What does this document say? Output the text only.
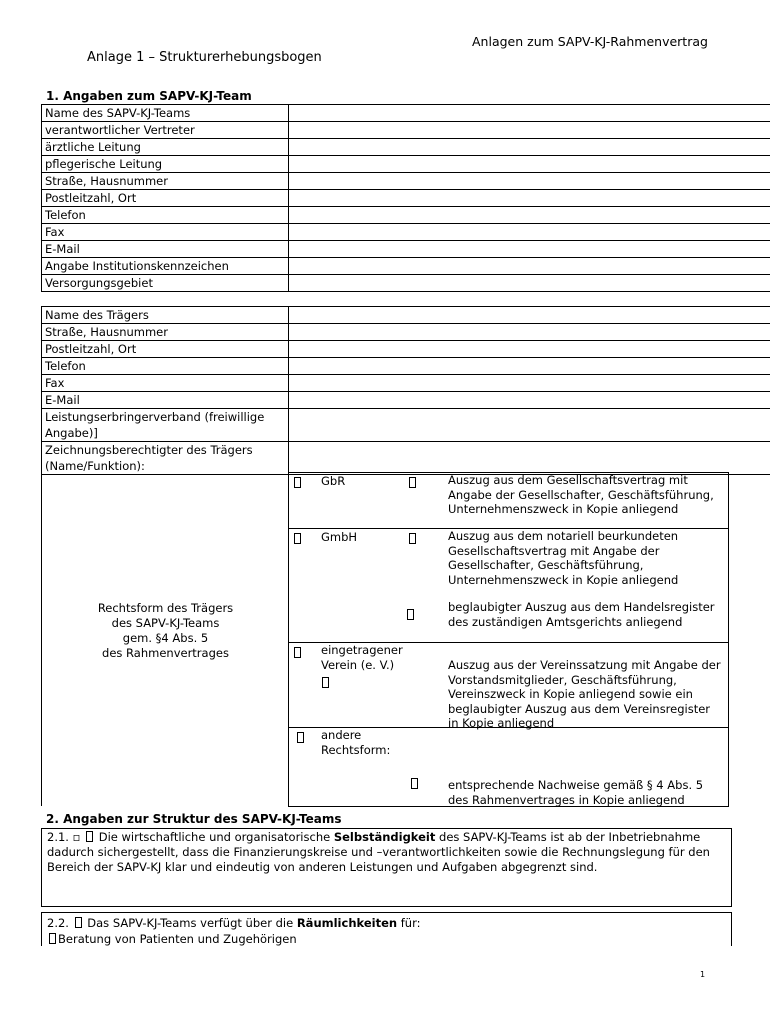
Anlagen zum SAPV-KJ-Rahmenvertrag
Anlage 1 – Strukturerhebungsbogen
1. Angaben zum SAPV-KJ-Team
Name des SAPV-KJ-Teams	
verantwortlicher Vertreter	
ärztliche Leitung	
pflegerische Leitung	
Straße, Hausnummer	
Postleitzahl, Ort	
Telefon	
Fax	
E-Mail	
Angabe Institutionskennzeichen	
Versorgungsgebiet	
Name des Trägers	
Straße, Hausnummer	
Postleitzahl, Ort	
Telefon	
Fax	
E-Mail	
Leistungserbringerverband (freiwillige Angabe)]	
Zeichnungsberechtigter des Trägers (Name/Funktion):	
Rechtsform des Trägers
des SAPV-KJ-Teams
gem. §4 Abs. 5
des Rahmenvertrages
GbR	Auszug aus dem Gesellschaftsvertrag mit Angabe der Gesellschafter, Geschäftsführung, Unternehmenszweck in Kopie anliegend
GmbH	Auszug aus dem notariell beurkundeten Gesellschaftsvertrag mit Angabe der Gesellschafter, Geschäftsführung, Unternehmenszweck in Kopie anliegend
beglaubigter Auszug aus dem Handelsregister des zuständigen Amtsgerichts anliegend
eingetragener Verein (e. V.)	Auszug aus der Vereinssatzung mit Angabe der Vorstandsmitglieder, Geschäftsführung, Vereinszweck in Kopie anliegend sowie ein beglaubigter Auszug aus dem Vereinsregister in Kopie anliegend
andere Rechtsform:
entsprechende Nachweise gemäß § 4 Abs. 5 des Rahmenvertrages in Kopie anliegend
2. Angaben zur Struktur des SAPV-KJ-Teams
2.1. ▫ Die wirtschaftliche und organisatorische Selbständigkeit des SAPV-KJ-Teams ist ab der Inbetriebnahme dadurch sichergestellt, dass die Finanzierungskreise und –verantwortlichkeiten sowie die Rechnungslegung für den Bereich der SAPV-KJ klar und eindeutig von anderen Leistungen und Aufgaben abgegrenzt sind.
2.2. Das SAPV-KJ-Teams verfügt über die Räumlichkeiten für:
Beratung von Patienten und Zugehörigen
1
